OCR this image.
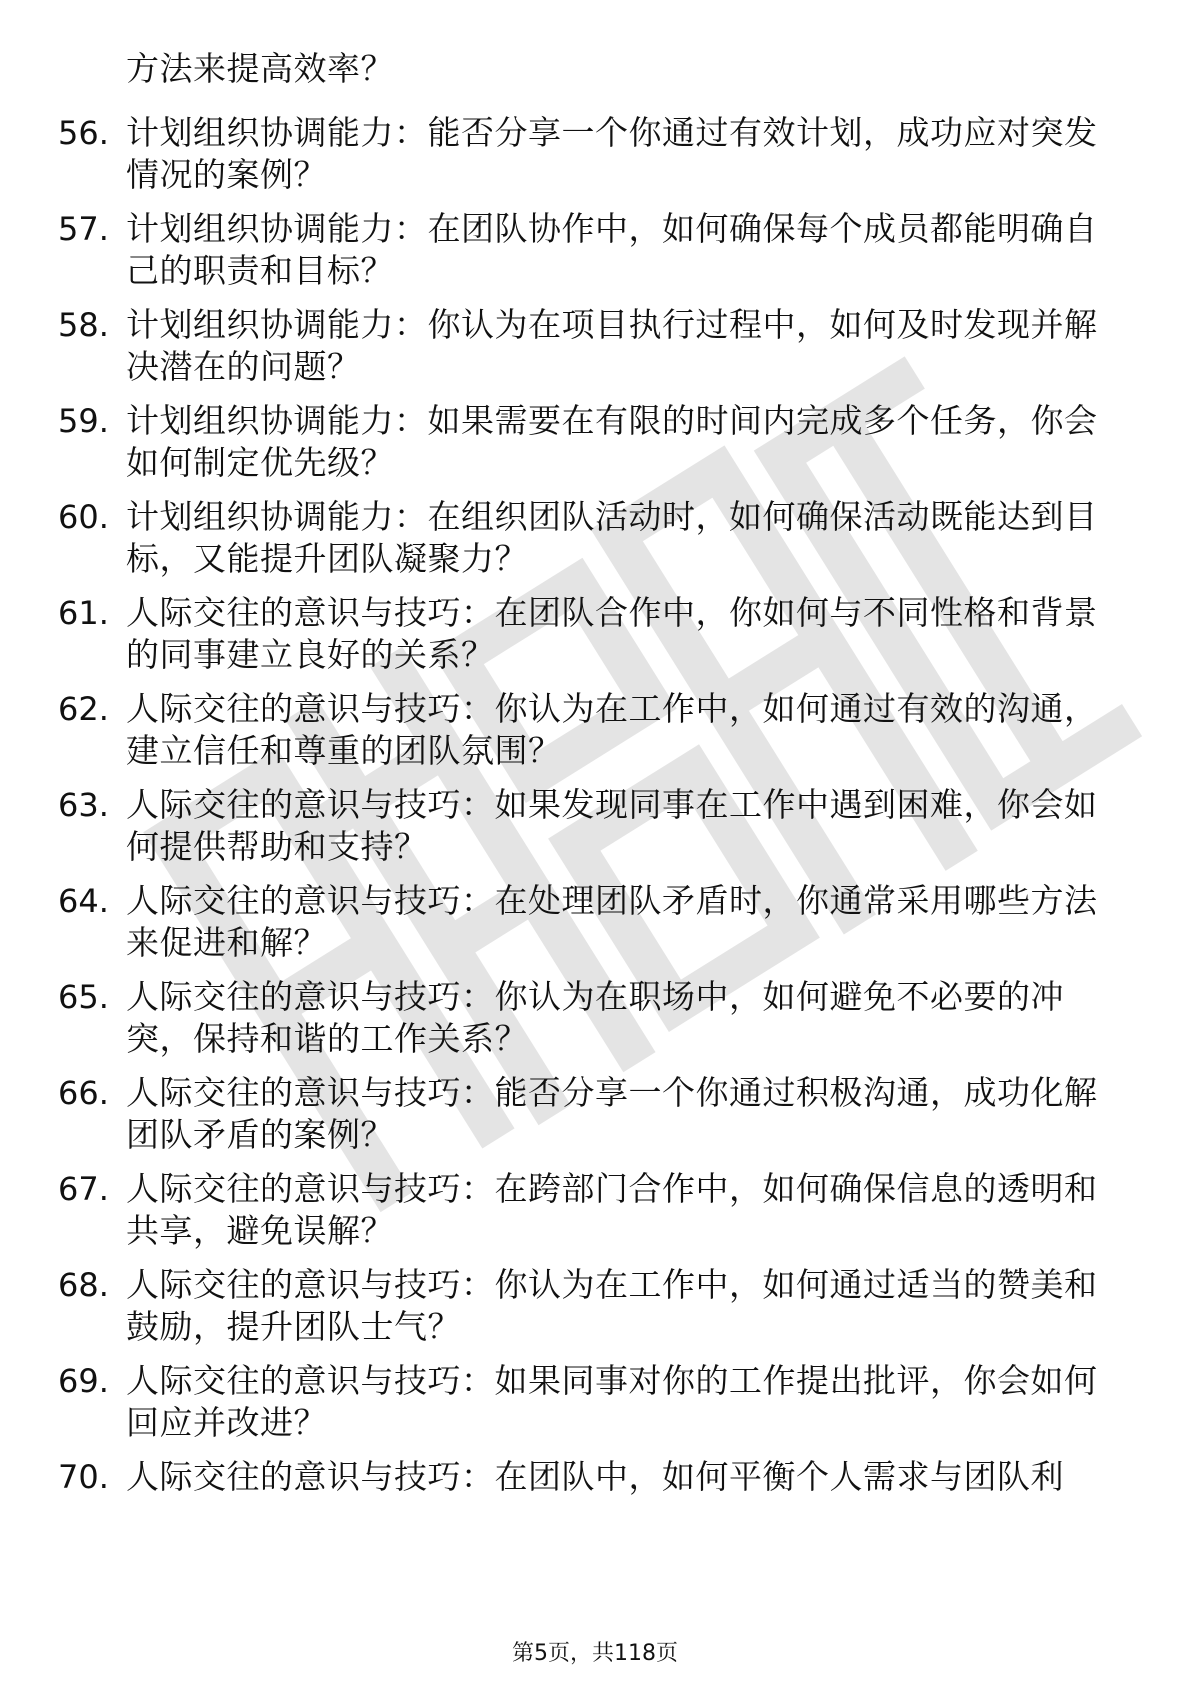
方法来提高效率？
56. 计划组织协调能力：能否分享一个你通过有效计划，成功应对突发情况的案例？
57. 计划组织协调能力：在团队协作中，如何确保每个成员都能明确自己的职责和目标？
58. 计划组织协调能力：你认为在项目执行过程中，如何及时发现并解决潜在的问题？
59. 计划组织协调能力：如果需要在有限的时间内完成多个任务，你会如何制定优先级？
60. 计划组织协调能力：在组织团队活动时，如何确保活动既能达到目标，又能提升团队凝聚力？
61. 人际交往的意识与技巧：在团队合作中，你如何与不同性格和背景的同事建立良好的关系？
62. 人际交往的意识与技巧：你认为在工作中，如何通过有效的沟通，建立信任和尊重的团队氛围？
63. 人际交往的意识与技巧：如果发现同事在工作中遇到困难，你会如何提供帮助和支持？
64. 人际交往的意识与技巧：在处理团队矛盾时，你通常采用哪些方法来促进和解？
65. 人际交往的意识与技巧：你认为在职场中，如何避免不必要的冲突，保持和谐的工作关系？
66. 人际交往的意识与技巧：能否分享一个你通过积极沟通，成功化解团队矛盾的案例？
67. 人际交往的意识与技巧：在跨部门合作中，如何确保信息的透明和共享，避免误解？
68. 人际交往的意识与技巧：你认为在工作中，如何通过适当的赞美和鼓励，提升团队士气？
69. 人际交往的意识与技巧：如果同事对你的工作提出批评，你会如何回应并改进？
70. 人际交往的意识与技巧：在团队中，如何平衡个人需求与团队利
第5页，共118页
